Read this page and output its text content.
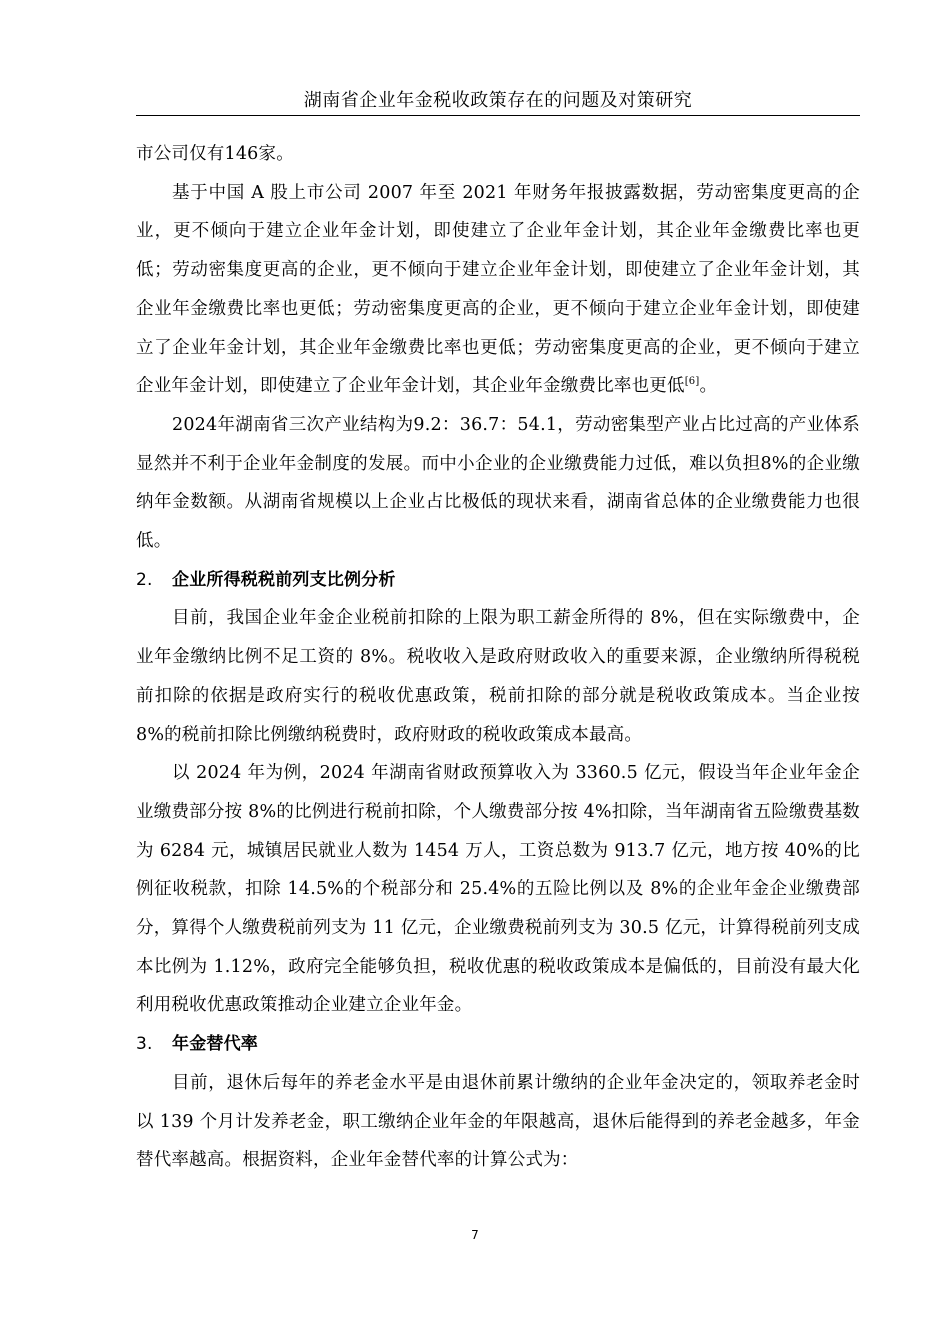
湖南省企业年金税收政策存在的问题及对策研究

市公司仅有146家。

基于中国 A 股上市公司 2007 年至 2021 年财务年报披露数据，劳动密集度更高的企业，更不倾向于建立企业年金计划，即使建立了企业年金计划，其企业年金缴费比率也更低；劳动密集度更高的企业，更不倾向于建立企业年金计划，即使建立了企业年金计划，其企业年金缴费比率也更低；劳动密集度更高的企业，更不倾向于建立企业年金计划，即使建立了企业年金计划，其企业年金缴费比率也更低；劳动密集度更高的企业，更不倾向于建立企业年金计划，即使建立了企业年金计划，其企业年金缴费比率也更低[6]。

2024年湖南省三次产业结构为9.2：36.7：54.1，劳动密集型产业占比过高的产业体系显然并不利于企业年金制度的发展。而中小企业的企业缴费能力过低，难以负担8%的企业缴纳年金数额。从湖南省规模以上企业占比极低的现状来看，湖南省总体的企业缴费能力也很低。

2. 企业所得税税前列支比例分析

目前，我国企业年金企业税前扣除的上限为职工薪金所得的 8%，但在实际缴费中，企业年金缴纳比例不足工资的 8%。税收收入是政府财政收入的重要来源，企业缴纳所得税税前扣除的依据是政府实行的税收优惠政策，税前扣除的部分就是税收政策成本。当企业按 8%的税前扣除比例缴纳税费时，政府财政的税收政策成本最高。

以 2024 年为例，2024 年湖南省财政预算收入为 3360.5 亿元，假设当年企业年金企业缴费部分按 8%的比例进行税前扣除，个人缴费部分按 4%扣除，当年湖南省五险缴费基数为 6284 元，城镇居民就业人数为 1454 万人，工资总数为 913.7 亿元，地方按 40%的比例征收税款，扣除 14.5%的个税部分和 25.4%的五险比例以及 8%的企业年金企业缴费部分，算得个人缴费税前列支为 11 亿元，企业缴费税前列支为 30.5 亿元，计算得税前列支成本比例为 1.12%，政府完全能够负担，税收优惠的税收政策成本是偏低的，目前没有最大化利用税收优惠政策推动企业建立企业年金。

3. 年金替代率

目前，退休后每年的养老金水平是由退休前累计缴纳的企业年金决定的，领取养老金时以 139 个月计发养老金，职工缴纳企业年金的年限越高，退休后能得到的养老金越多，年金替代率越高。根据资料，企业年金替代率的计算公式为：

7
